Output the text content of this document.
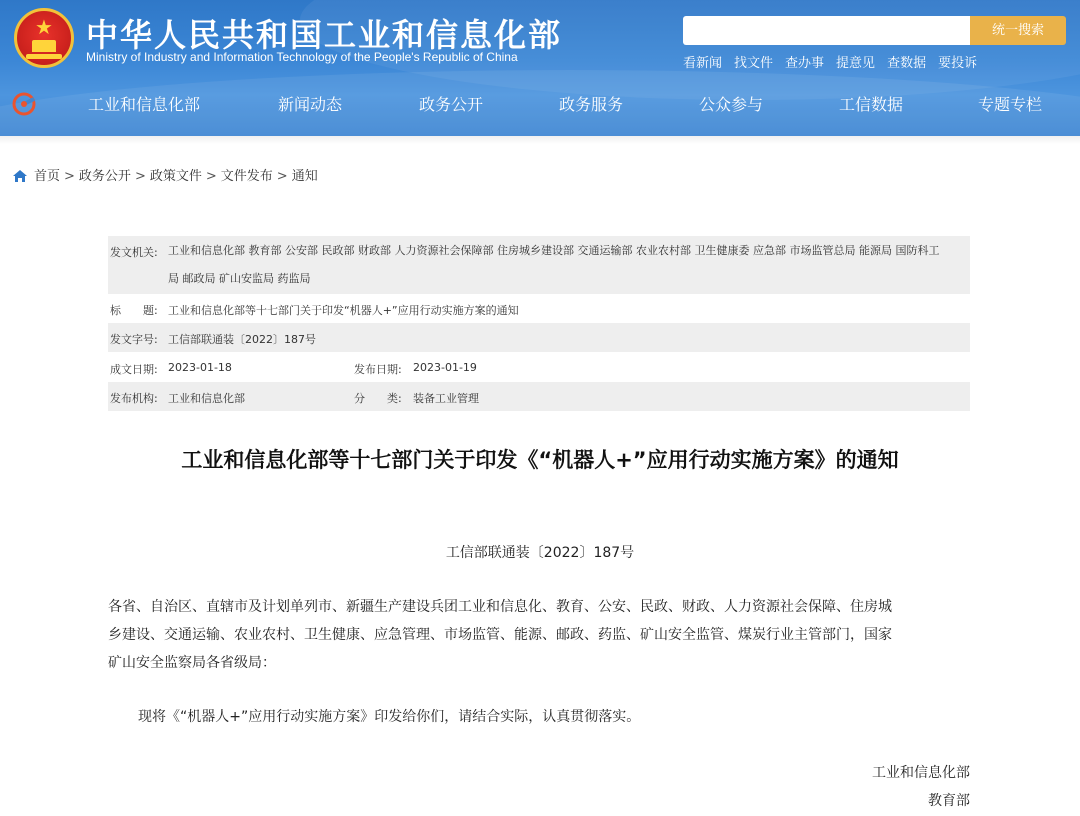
★	中华人民共和国工业和信息化部
Ministry of Industry and Information Technology of the People's Republic of China
统一搜索
看新闻 找文件 查办事 提意见 查数据 要投诉
工业和信息化部	新闻动态	政务公开	政务服务	公众参与	工信数据	专题专栏
首页 > 政务公开 > 政策文件 > 文件发布 > 通知
发文机关: 工业和信息化部 教育部 公安部 民政部 财政部 人力资源社会保障部 住房城乡建设部 交通运输部 农业农村部 卫生健康委 应急部 市场监管总局 能源局 国防科工
局 邮政局 矿山安监局 药监局
标　　题: 工业和信息化部等十七部门关于印发“机器人+”应用行动实施方案的通知
发文字号: 工信部联通装〔2022〕187号
成文日期: 2023-01-18	发布日期: 2023-01-19
发布机构: 工业和信息化部	分　　类: 装备工业管理
工业和信息化部等十七部门关于印发《“机器人+”应用行动实施方案》的通知
工信部联通装〔2022〕187号
各省、自治区、直辖市及计划单列市、新疆生产建设兵团工业和信息化、教育、公安、民政、财政、人力资源社会保障、住房城
乡建设、交通运输、农业农村、卫生健康、应急管理、市场监管、能源、邮政、药监、矿山安全监管、煤炭行业主管部门，国家
矿山安全监察局各省级局：
现将《“机器人+”应用行动实施方案》印发给你们，请结合实际，认真贯彻落实。
工业和信息化部
教育部
